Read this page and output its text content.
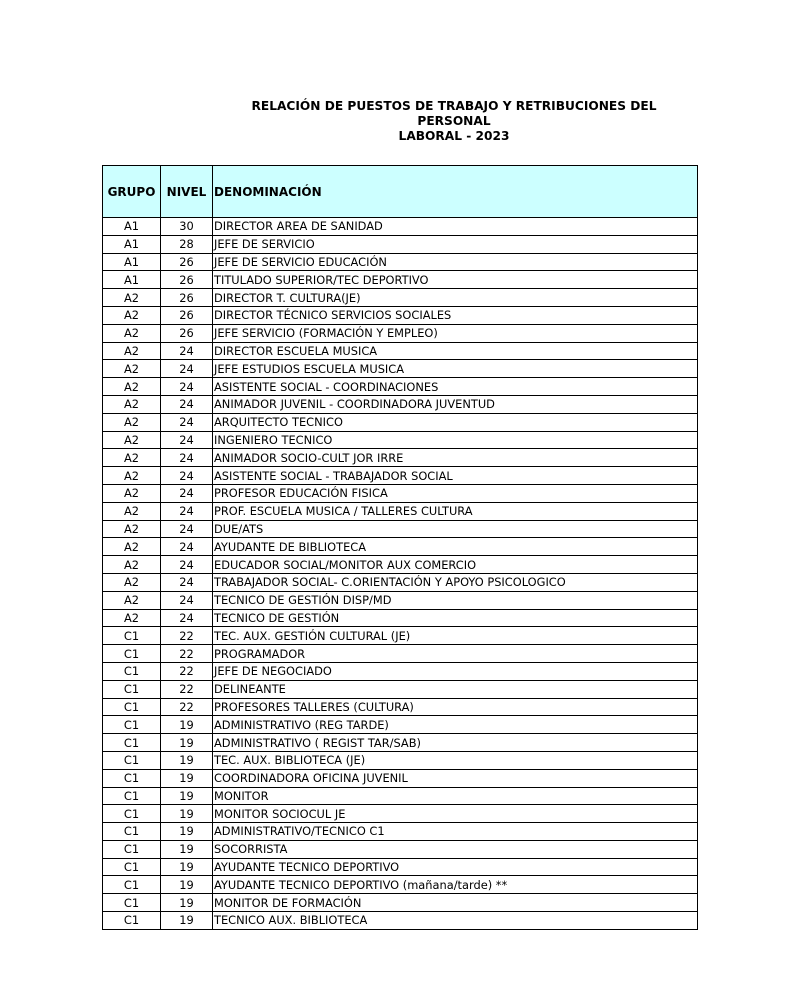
RELACIÓN DE PUESTOS DE TRABAJO Y RETRIBUCIONES DEL PERSONAL
LABORAL - 2023
GRUPO	NIVEL	DENOMINACIÓN
A1	30	DIRECTOR AREA DE SANIDAD
A1	28	JEFE DE SERVICIO
A1	26	JEFE DE SERVICIO EDUCACIÓN
A1	26	TITULADO SUPERIOR/TEC DEPORTIVO
A2	26	DIRECTOR T. CULTURA(JE)
A2	26	DIRECTOR TÉCNICO SERVICIOS SOCIALES
A2	26	JEFE SERVICIO (FORMACIÓN Y EMPLEO)
A2	24	DIRECTOR ESCUELA MUSICA
A2	24	JEFE ESTUDIOS ESCUELA MUSICA
A2	24	ASISTENTE SOCIAL - COORDINACIONES
A2	24	ANIMADOR JUVENIL - COORDINADORA JUVENTUD
A2	24	ARQUITECTO TECNICO
A2	24	INGENIERO TECNICO
A2	24	ANIMADOR SOCIO-CULT JOR IRRE
A2	24	ASISTENTE SOCIAL - TRABAJADOR SOCIAL
A2	24	PROFESOR EDUCACIÓN FISICA
A2	24	PROF. ESCUELA MUSICA / TALLERES CULTURA
A2	24	DUE/ATS
A2	24	AYUDANTE DE BIBLIOTECA
A2	24	EDUCADOR SOCIAL/MONITOR AUX COMERCIO
A2	24	TRABAJADOR SOCIAL- C.ORIENTACIÓN Y APOYO PSICOLOGICO
A2	24	TECNICO DE GESTIÓN DISP/MD
A2	24	TECNICO DE GESTIÓN
C1	22	TEC. AUX. GESTIÓN CULTURAL (JE)
C1	22	PROGRAMADOR
C1	22	JEFE DE NEGOCIADO
C1	22	DELINEANTE
C1	22	PROFESORES TALLERES (CULTURA)
C1	19	ADMINISTRATIVO (REG TARDE)
C1	19	ADMINISTRATIVO ( REGIST TAR/SAB)
C1	19	TEC. AUX. BIBLIOTECA (JE)
C1	19	COORDINADORA OFICINA JUVENIL
C1	19	MONITOR
C1	19	MONITOR SOCIOCUL JE
C1	19	ADMINISTRATIVO/TECNICO C1
C1	19	SOCORRISTA
C1	19	AYUDANTE TECNICO DEPORTIVO
C1	19	AYUDANTE TECNICO DEPORTIVO (mañana/tarde) **
C1	19	MONITOR DE FORMACIÓN
C1	19	TECNICO AUX. BIBLIOTECA
